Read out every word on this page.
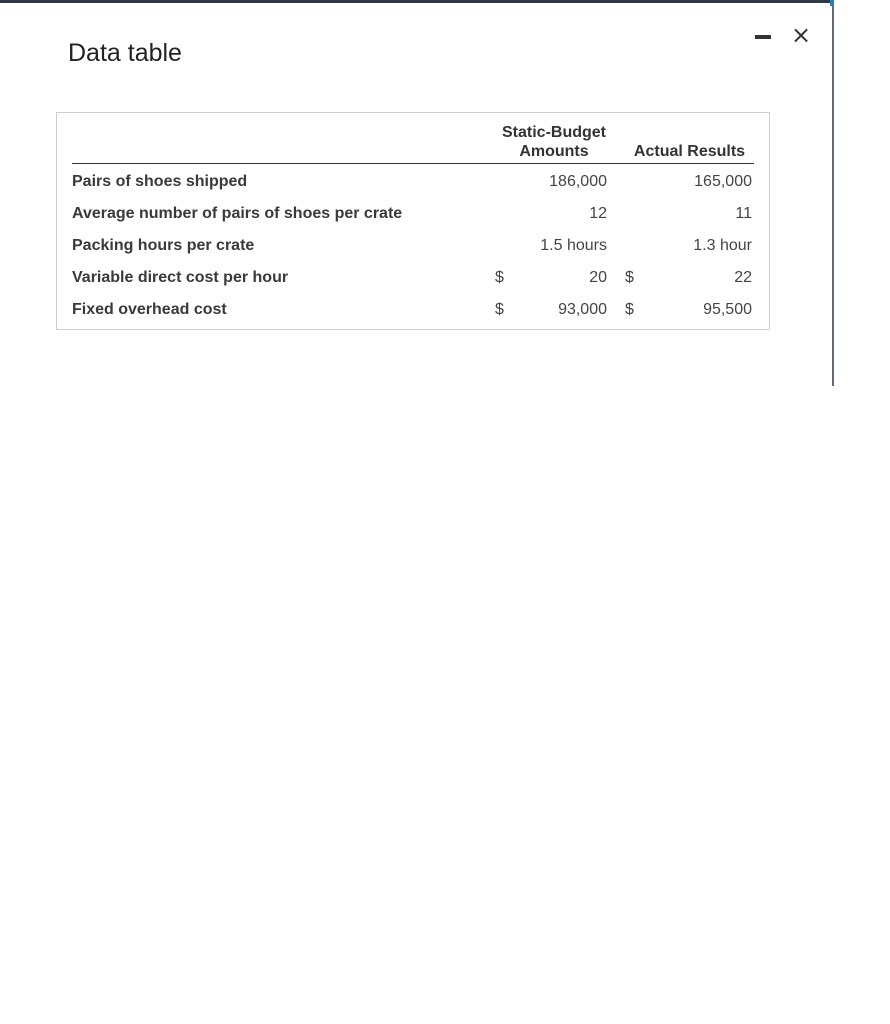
Data table
×
	Static-Budget
Amounts		Actual Results	
Pairs of shoes shipped		186,000		165,000
Average number of pairs of shoes per crate		12		11
Packing hours per crate		1.5 hours		1.3 hour
Variable direct cost per hour	$	20	$	22
Fixed overhead cost	$	93,000	$	95,500
